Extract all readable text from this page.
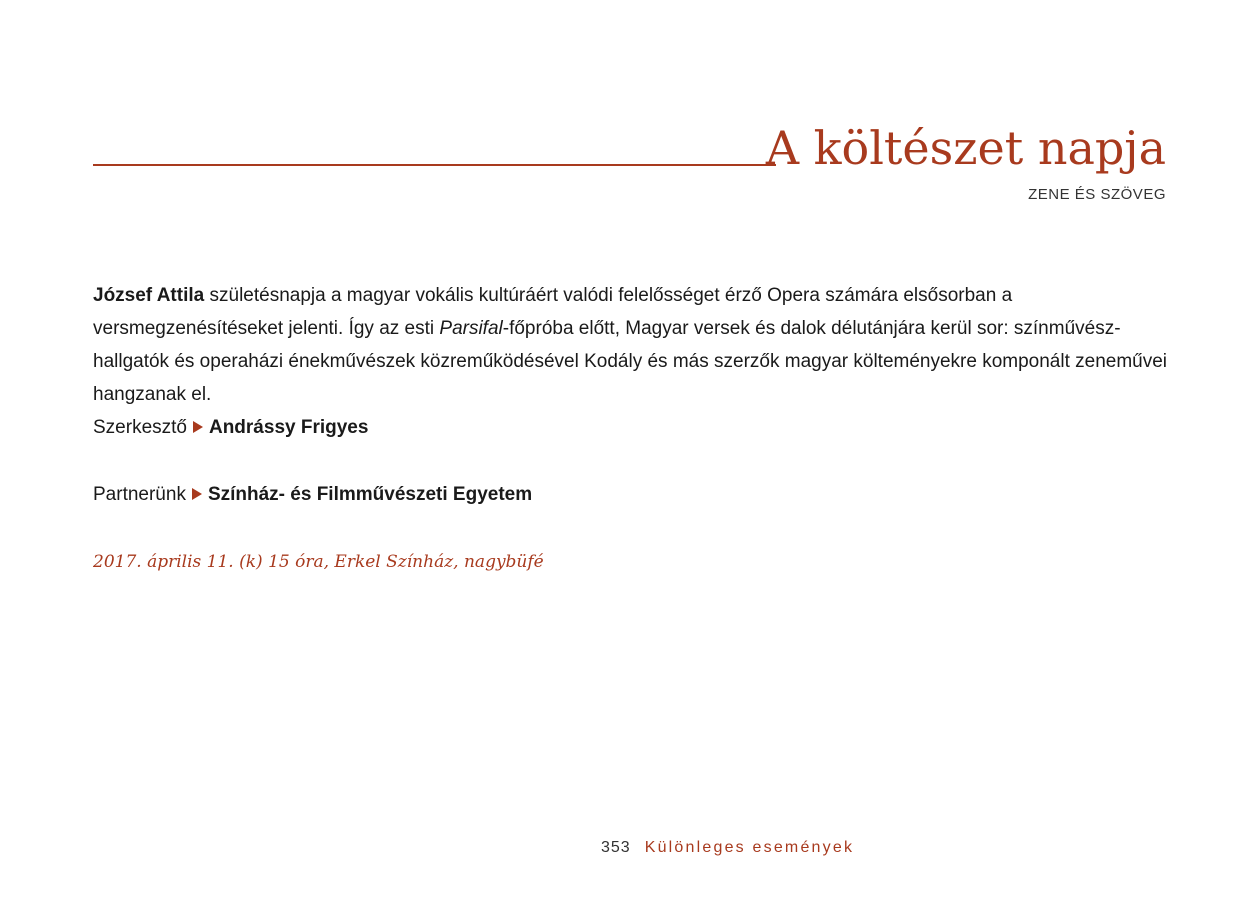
A költészet napja
ZENE ÉS SZÖVEG

József Attila születésnapja a magyar vokális kultúráért valódi felelősséget érző Opera számára elsősorban a versmegzenésítéseket jelenti. Így az esti Parsifal-főpróba előtt, Magyar versek és dalok délutánjára kerül sor: színművész-hallgatók és operaházi énekművészek közreműködésével Kodály és más szerzők magyar költeményekre komponált zeneművei hangzanak el.

Szerkesztő Andrássy Frigyes
Partnerünk Színház- és Filmművészeti Egyetem
2017. április 11. (k) 15 óra, Erkel Színház, nagybüfé
353 Különleges események
